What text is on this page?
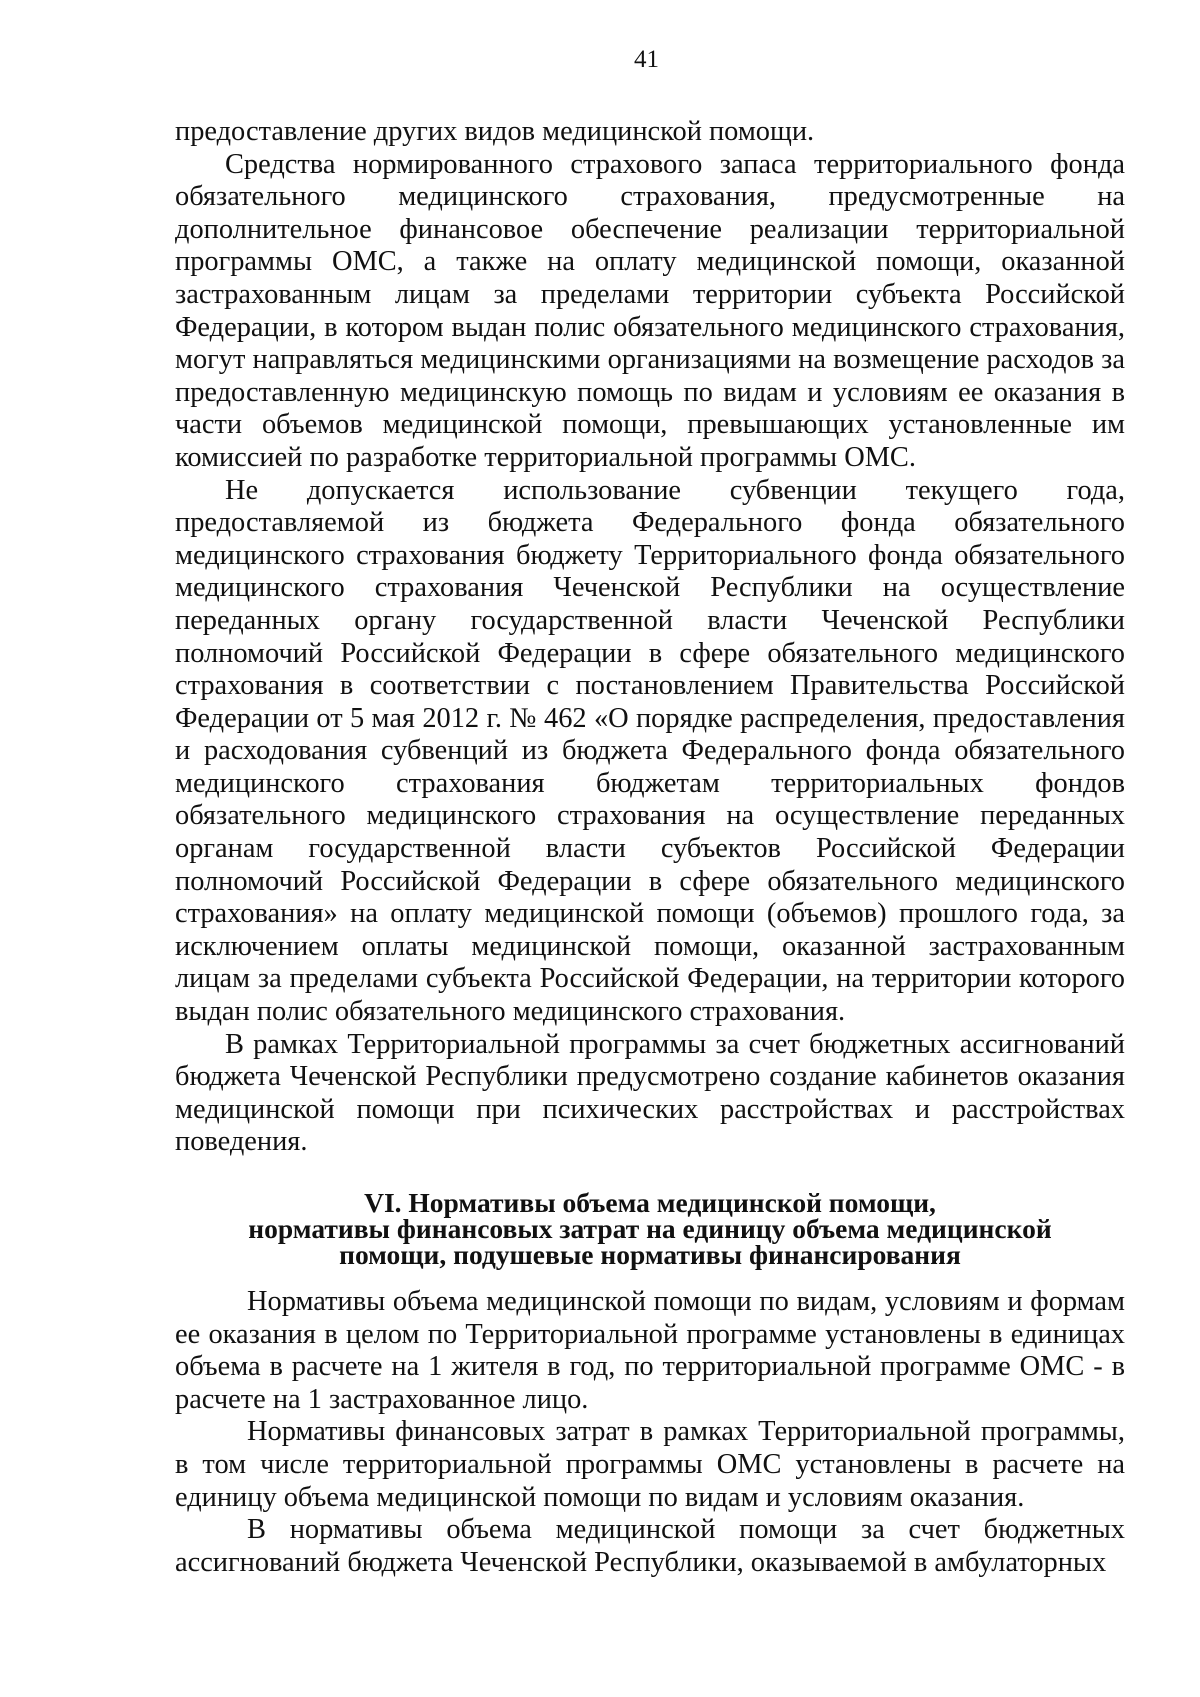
41

предоставление других видов медицинской помощи.

Средства нормированного страхового запаса территориального фонда обязательного медицинского страхования, предусмотренные на дополнительное финансовое обеспечение реализации территориальной программы ОМС, а также на оплату медицинской помощи, оказанной застрахованным лицам за пределами территории субъекта Российской Федерации, в котором выдан полис обязательного медицинского страхования, могут направляться медицинскими организациями на возмещение расходов за предоставленную медицинскую помощь по видам и условиям ее оказания в части объемов медицинской помощи, превышающих установленные им комиссией по разработке территориальной программы ОМС.

Не допускается использование субвенции текущего года, предоставляемой из бюджета Федерального фонда обязательного медицинского страхования бюджету Территориального фонда обязательного медицинского страхования Чеченской Республики на осуществление переданных органу государственной власти Чеченской Республики полномочий Российской Федерации в сфере обязательного медицинского страхования в соответствии с постановлением Правительства Российской Федерации от 5 мая 2012 г. № 462 «О порядке распределения, предоставления и расходования субвенций из бюджета Федерального фонда обязательного медицинского страхования бюджетам территориальных фондов обязательного медицинского страхования на осуществление переданных органам государственной власти субъектов Российской Федерации полномочий Российской Федерации в сфере обязательного медицинского страхования» на оплату медицинской помощи (объемов) прошлого года, за исключением оплаты медицинской помощи, оказанной застрахованным лицам за пределами субъекта Российской Федерации, на территории которого выдан полис обязательного медицинского страхования.

В рамках Территориальной программы за счет бюджетных ассигнований бюджета Чеченской Республики предусмотрено создание кабинетов оказания медицинской помощи при психических расстройствах и расстройствах поведения.

VI. Нормативы объема медицинской помощи,
нормативы финансовых затрат на единицу объема медицинской
помощи, подушевые нормативы финансирования

Нормативы объема медицинской помощи по видам, условиям и формам ее оказания в целом по Территориальной программе установлены в единицах объема в расчете на 1 жителя в год, по территориальной программе ОМС - в расчете на 1 застрахованное лицо.

Нормативы финансовых затрат в рамках Территориальной программы, в том числе территориальной программы ОМС установлены в расчете на единицу объема медицинской помощи по видам и условиям оказания.

В нормативы объема медицинской помощи за счет бюджетных ассигнований бюджета Чеченской Республики, оказываемой в амбулаторных
